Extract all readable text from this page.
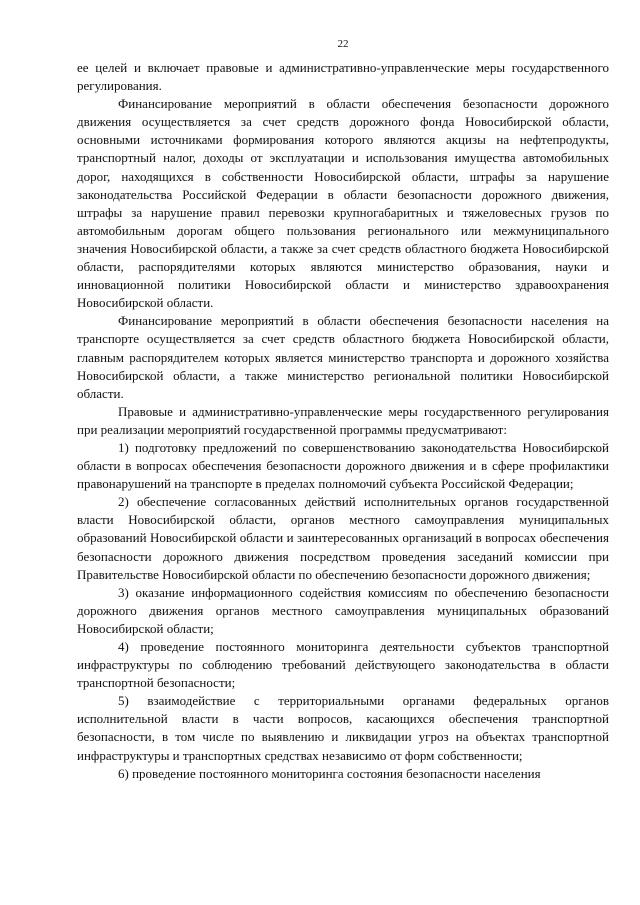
22

ее целей и включает правовые и административно-управленческие меры государственного регулирования.

Финансирование мероприятий в области обеспечения безопасности дорожного движения осуществляется за счет средств дорожного фонда Новосибирской области, основными источниками формирования которого являются акцизы на нефтепродукты, транспортный налог, доходы от эксплуатации и использования имущества автомобильных дорог, находящихся в собственности Новосибирской области, штрафы за нарушение законодательства Российской Федерации в области безопасности дорожного движения, штрафы за нарушение правил перевозки крупногабаритных и тяжеловесных грузов по автомобильным дорогам общего пользования регионального или межмуниципального значения Новосибирской области, а также за счет средств областного бюджета Новосибирской области, распорядителями которых являются министерство образования, науки и инновационной политики Новосибирской области и министерство здравоохранения Новосибирской области.

Финансирование мероприятий в области обеспечения безопасности населения на транспорте осуществляется за счет средств областного бюджета Новосибирской области, главным распорядителем которых является министерство транспорта и дорожного хозяйства Новосибирской области, а также министерство региональной политики Новосибирской области.

Правовые и административно-управленческие меры государственного регулирования при реализации мероприятий государственной программы предусматривают:

1) подготовку предложений по совершенствованию законодательства Новосибирской области в вопросах обеспечения безопасности дорожного движения и в сфере профилактики правонарушений на транспорте в пределах полномочий субъекта Российской Федерации;

2) обеспечение согласованных действий исполнительных органов государственной власти Новосибирской области, органов местного самоуправления муниципальных образований Новосибирской области и заинтересованных организаций в вопросах обеспечения безопасности дорожного движения посредством проведения заседаний комиссии при Правительстве Новосибирской области по обеспечению безопасности дорожного движения;

3) оказание информационного содействия комиссиям по обеспечению безопасности дорожного движения органов местного самоуправления муниципальных образований Новосибирской области;

4) проведение постоянного мониторинга деятельности субъектов транспортной инфраструктуры по соблюдению требований действующего законодательства в области транспортной безопасности;

5) взаимодействие с территориальными органами федеральных органов исполнительной власти в части вопросов, касающихся обеспечения транспортной безопасности, в том числе по выявлению и ликвидации угроз на объектах транспортной инфраструктуры и транспортных средствах независимо от форм собственности;

6) проведение постоянного мониторинга состояния безопасности населения
